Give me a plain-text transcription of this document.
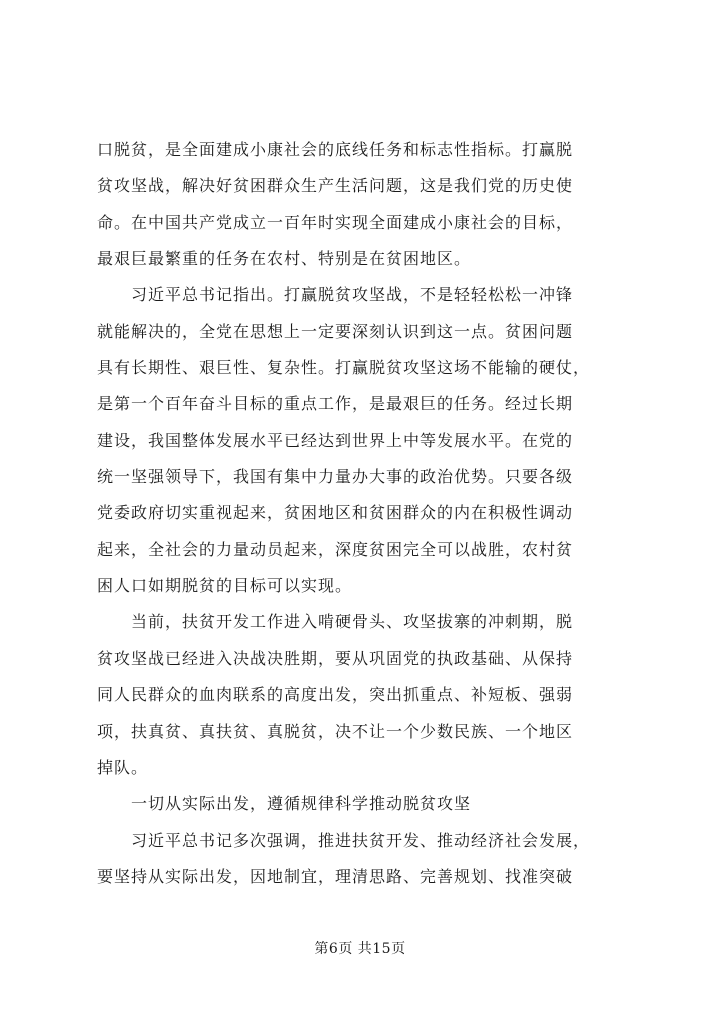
口脱贫，是全面建成小康社会的底线任务和标志性指标。打赢脱
贫攻坚战，解决好贫困群众生产生活问题，这是我们党的历史使
命。在中国共产党成立一百年时实现全面建成小康社会的目标，
最艰巨最繁重的任务在农村、特别是在贫困地区。
习近平总书记指出。打赢脱贫攻坚战，不是轻轻松松一冲锋
就能解决的，全党在思想上一定要深刻认识到这一点。贫困问题
具有长期性、艰巨性、复杂性。打赢脱贫攻坚这场不能输的硬仗，
是第一个百年奋斗目标的重点工作，是最艰巨的任务。经过长期
建设，我国整体发展水平已经达到世界上中等发展水平。在党的
统一坚强领导下，我国有集中力量办大事的政治优势。只要各级
党委政府切实重视起来，贫困地区和贫困群众的内在积极性调动
起来，全社会的力量动员起来，深度贫困完全可以战胜，农村贫
困人口如期脱贫的目标可以实现。
当前，扶贫开发工作进入啃硬骨头、攻坚拔寨的冲刺期，脱
贫攻坚战已经进入决战决胜期，要从巩固党的执政基础、从保持
同人民群众的血肉联系的高度出发，突出抓重点、补短板、强弱
项，扶真贫、真扶贫、真脱贫，决不让一个少数民族、一个地区
掉队。
一切从实际出发，遵循规律科学推动脱贫攻坚
习近平总书记多次强调，推进扶贫开发、推动经济社会发展，
要坚持从实际出发，因地制宜，理清思路、完善规划、找准突破
第6页 共15页
